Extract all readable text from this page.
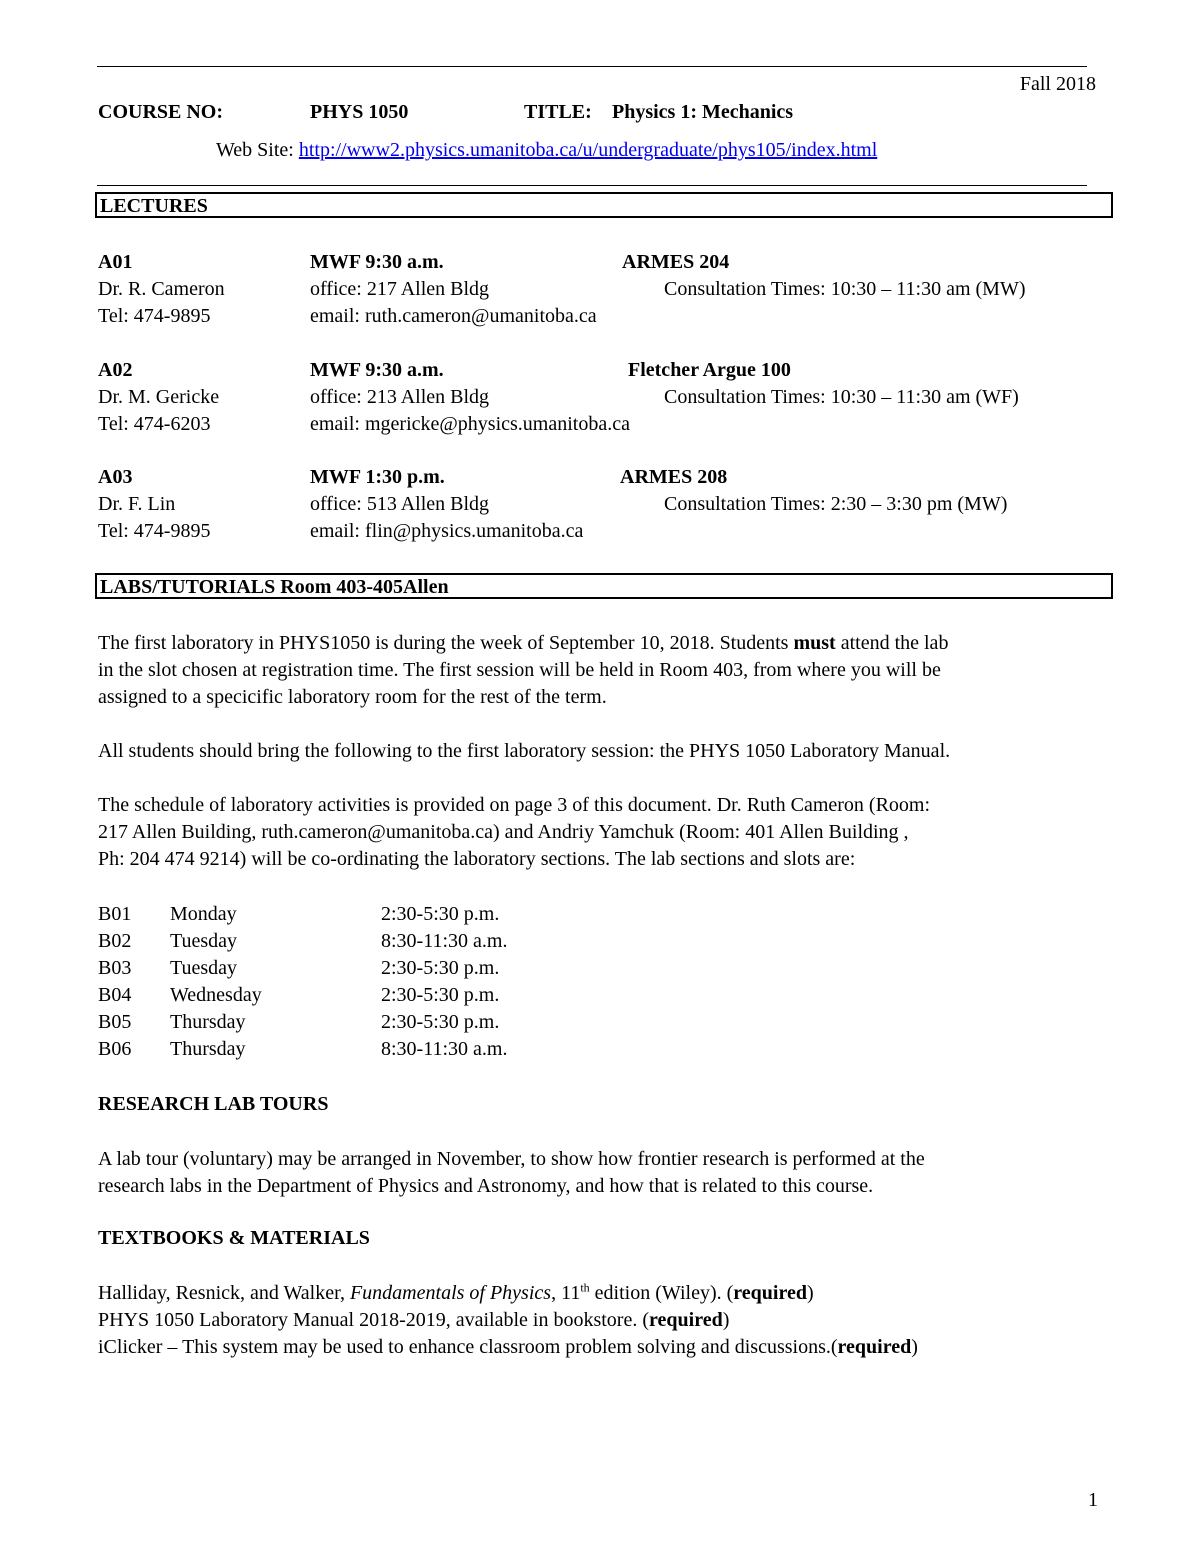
Fall 2018
COURSE NO:	PHYS 1050	TITLE: Physics 1: Mechanics
Web Site: http://www2.physics.umanitoba.ca/u/undergraduate/phys105/index.html
LECTURES
A01	MWF 9:30 a.m.	ARMES 204
Dr. R. Cameron	office: 217 Allen Bldg	Consultation Times: 10:30 – 11:30 am (MW)
Tel: 474-9895	email: ruth.cameron@umanitoba.ca
A02	MWF 9:30 a.m.	Fletcher Argue 100
Dr. M. Gericke	office: 213 Allen Bldg	Consultation Times: 10:30 – 11:30 am (WF)
Tel: 474-6203	email: mgericke@physics.umanitoba.ca
A03	MWF 1:30 p.m.	ARMES 208
Dr. F. Lin	office: 513 Allen Bldg	Consultation Times: 2:30 – 3:30 pm (MW)
Tel: 474-9895	email: flin@physics.umanitoba.ca
LABS/TUTORIALS Room 403-405Allen
The first laboratory in PHYS1050 is during the week of September 10, 2018. Students must attend the lab
in the slot chosen at registration time. The first session will be held in Room 403, from where you will be
assigned to a specicific laboratory room for the rest of the term.
All students should bring the following to the first laboratory session: the PHYS 1050 Laboratory Manual.
The schedule of laboratory activities is provided on page 3 of this document. Dr. Ruth Cameron (Room:
217 Allen Building, ruth.cameron@umanitoba.ca) and Andriy Yamchuk (Room: 401 Allen Building ,
Ph: 204 474 9214) will be co-ordinating the laboratory sections. The lab sections and slots are:
B01 Monday	2:30-5:30 p.m.
B02 Tuesday	8:30-11:30 a.m.
B03 Tuesday	2:30-5:30 p.m.
B04 Wednesday	2:30-5:30 p.m.
B05 Thursday	2:30-5:30 p.m.
B06 Thursday	8:30-11:30 a.m.
RESEARCH LAB TOURS
A lab tour (voluntary) may be arranged in November, to show how frontier research is performed at the
research labs in the Department of Physics and Astronomy, and how that is related to this course.
TEXTBOOKS & MATERIALS
Halliday, Resnick, and Walker, Fundamentals of Physics, 11th edition (Wiley). (required)
PHYS 1050 Laboratory Manual 2018-2019, available in bookstore. (required)
iClicker – This system may be used to enhance classroom problem solving and discussions.(required)
1
